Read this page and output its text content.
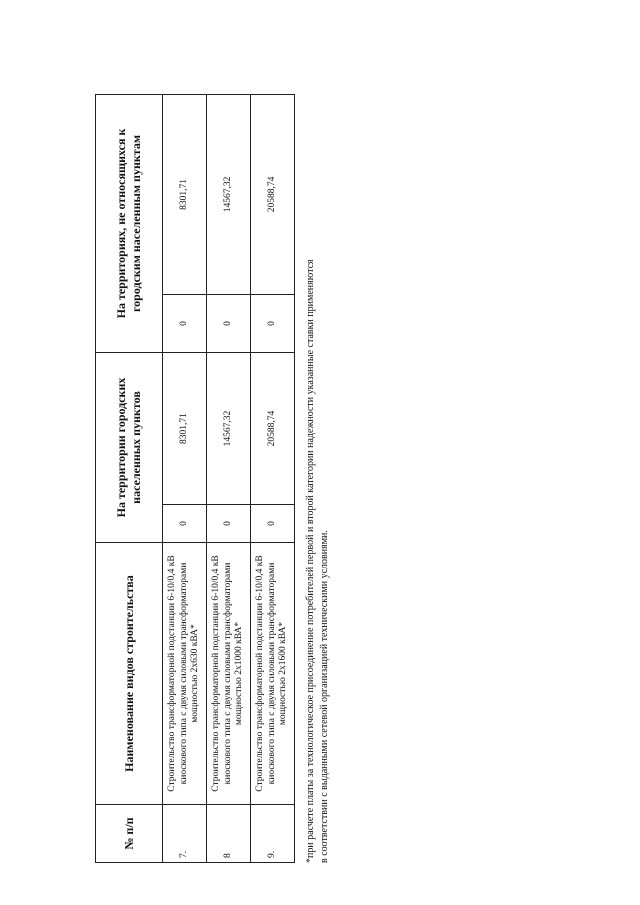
№ п/п	Наименование видов строительства	На территории городских населенных пунктов		На территориях, не относящихся к городским населенным пунктам	
7.	Строительство трансформаторной подстанции 6-10/0,4 кВ киоскового типа с двумя силовыми трансформаторами мощностью 2х630 кВА*	0	8301,71	0	8301,71
8	Строительство трансформаторной подстанции 6-10/0,4 кВ киоскового типа с двумя силовыми трансформаторами мощностью 2х1000 кВА*	0	14567,32	0	14567,32
9.	Строительство трансформаторной подстанции 6-10/0,4 кВ киоскового типа с двумя силовыми трансформаторами мощностью 2х1600 кВА*	0	20588,74	0	20588,74

*при расчете платы за технологическое присоединение потребителей первой и второй категории надежности указанные ставки применяются в соответствии с выданными сетевой организацией техническими условиями.
